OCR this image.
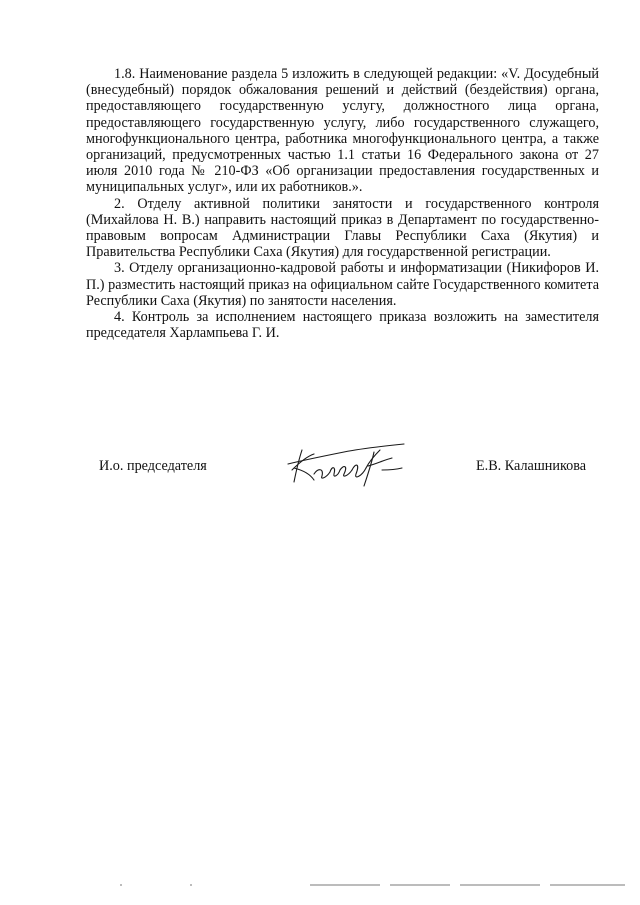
1.8. Наименование раздела 5 изложить в следующей редакции: «V. Досудебный (внесудебный) порядок обжалования решений и действий (бездействия) органа, предоставляющего государственную услугу, должностного лица органа, предоставляющего государственную услугу, либо государственного служащего, многофункционального центра, работника многофункционального центра, а также организаций, предусмотренных частью 1.1 статьи 16 Федерального закона от 27 июля 2010 года № 210-ФЗ «Об организации предоставления государственных и муниципальных услуг», или их работников.».

2. Отделу активной политики занятости и государственного контроля (Михайлова Н. В.) направить настоящий приказ в Департамент по государственно-правовым вопросам Администрации Главы Республики Саха (Якутия) и Правительства Республики Саха (Якутия) для государственной регистрации.

3. Отделу организационно-кадровой работы и информатизации (Никифоров И. П.) разместить настоящий приказ на официальном сайте Государственного комитета Республики Саха (Якутия) по занятости населения.

4. Контроль за исполнением настоящего приказа возложить на заместителя председателя Харлампьева Г. И.

И.о. председателя	Е.В. Калашникова
